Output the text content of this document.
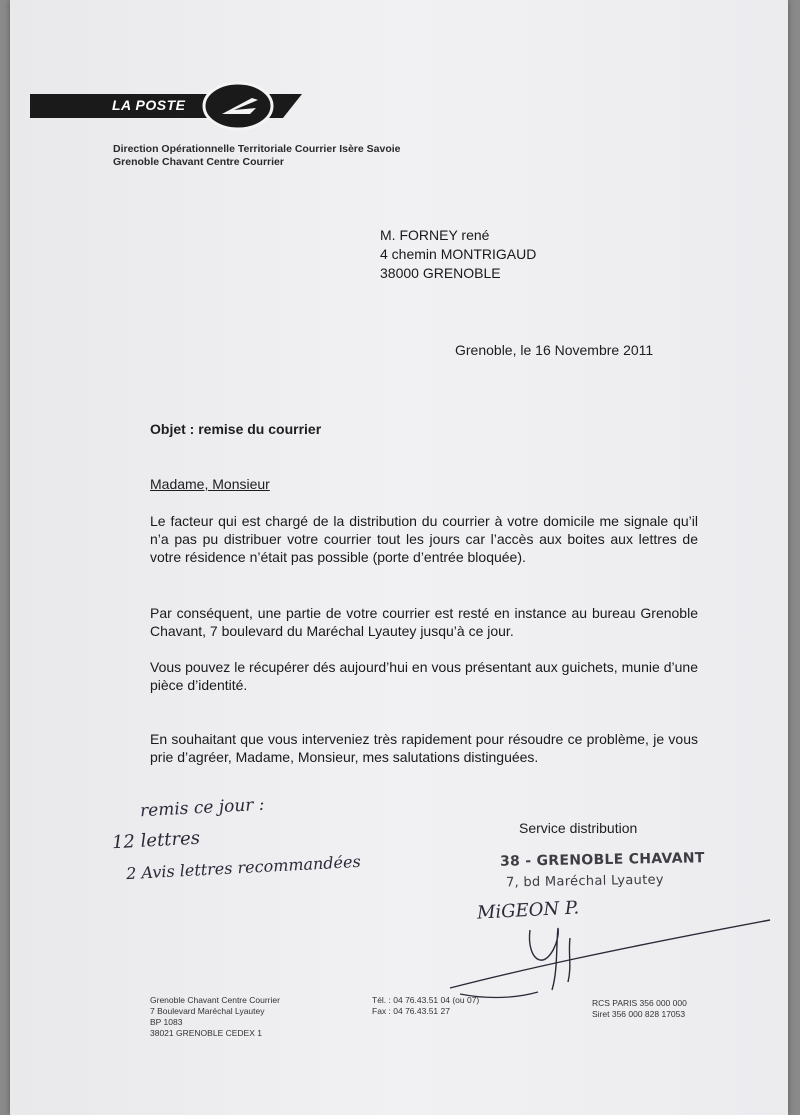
LA POSTE
Direction Opérationnelle Territoriale Courrier Isère Savoie
Grenoble Chavant Centre Courrier
M. FORNEY rené
4 chemin MONTRIGAUD
38000 GRENOBLE
Grenoble, le 16 Novembre 2011
Objet : remise du courrier
Madame, Monsieur
Le facteur qui est chargé de la distribution du courrier à votre domicile me signale qu’il n’a pas pu distribuer votre courrier tout les jours car l’accès aux boites aux lettres de votre résidence n’était pas possible (porte d’entrée bloquée).
Par conséquent, une partie de votre courrier est resté en instance au bureau Grenoble Chavant, 7 boulevard du Maréchal Lyautey jusqu’à ce jour.
Vous pouvez le récupérer dés aujourd’hui en vous présentant aux guichets, munie d’une pièce d’identité.
En souhaitant que vous interveniez très rapidement pour résoudre ce problème, je vous prie d’agréer, Madame, Monsieur, mes salutations distinguées.
remis ce jour :
12 lettres
2 Avis lettres recommandées
Service distribution
38 - GRENOBLE CHAVANT
7, bd Maréchal Lyautey
MiGEON P.
Grenoble Chavant Centre Courrier
7 Boulevard Maréchal Lyautey
BP 1083
38021 GRENOBLE CEDEX 1
Tél. : 04 76.43.51 04 (ou 07)
Fax : 04 76.43.51 27
RCS PARIS 356 000 000
Siret 356 000 828 17053
